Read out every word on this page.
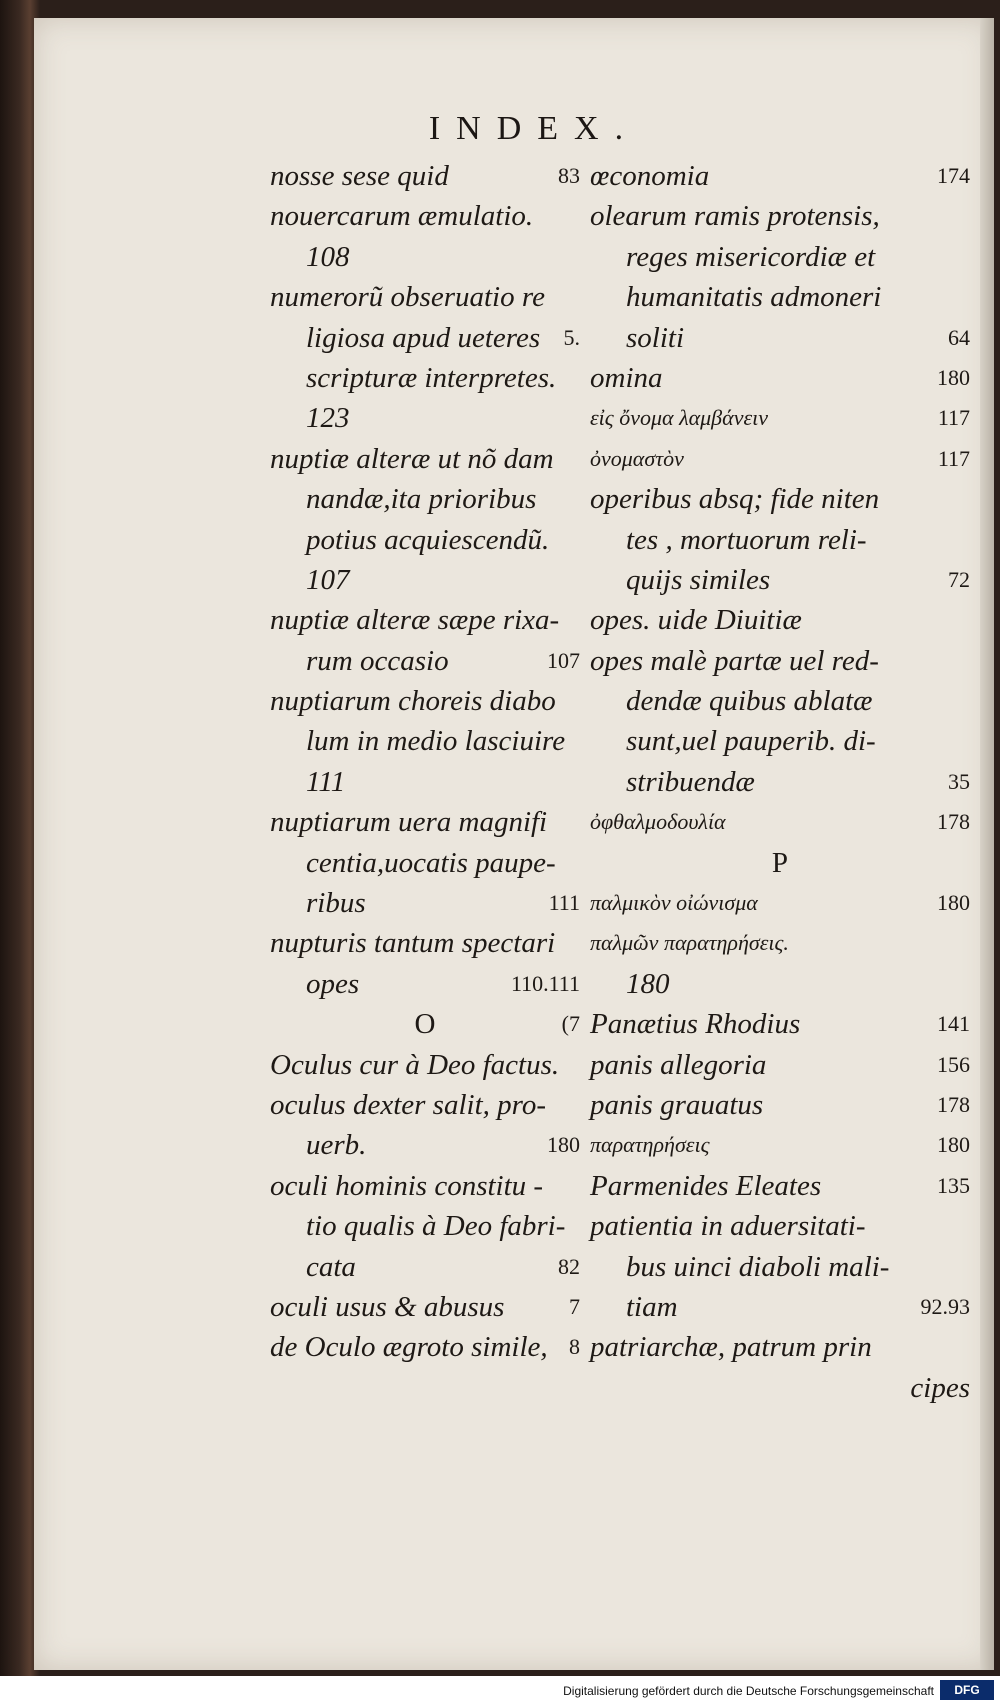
INDEX.
nosse sese quid	83
nouercarum æmulatio.
108
numerorũ obseruatio re
ligiosa apud ueteres 5.
scripturæ interpretes.
123
nuptiæ alteræ ut nõ dam
nandæ,ita prioribus
potius acquiescendũ.
107
nuptiæ alteræ sæpe rixa-
rum occasio	107
nuptiarum choreis diabo
lum in medio lasciuire
111
nuptiarum uera magnifi
centia,uocatis paupe-
ribus	111
nupturis tantum spectari
opes	110.111
O	(7
Oculus cur à Deo factus.
oculus dexter salit, pro-
uerb.	180
oculi hominis constitu -
tio qualis à Deo fabri-
cata	82
oculi usus & abusus	7
de Oculo ægroto simile, 8
œconomia	174
olearum ramis protensis,
reges misericordiæ et
humanitatis admoneri
soliti	64
omina	180
εἰς ὄνομα λαμβάνειν	117
ὀνομαστὸν	117
operibus absq; fide niten
tes , mortuorum reli-
quijs similes	72
opes. uide Diuitiæ
opes malè partæ uel red-
dendæ quibus ablatæ
sunt,uel pauperib. di-
stribuendæ	35
ὀφθαλμοδουλία	178
P
παλμικὸν οἰώνισμα	180
παλμῶν παρατηρήσεις.
180
Panætius Rhodius	141
panis allegoria	156
panis grauatus	178
παρατηρήσεις	180
Parmenides Eleates	135
patientia in aduersitati-
bus uinci diaboli mali-
tiam	92.93
patriarchæ, patrum prin
cipes
Digitalisierung gefördert durch die Deutsche Forschungsgemeinschaft	DFG
